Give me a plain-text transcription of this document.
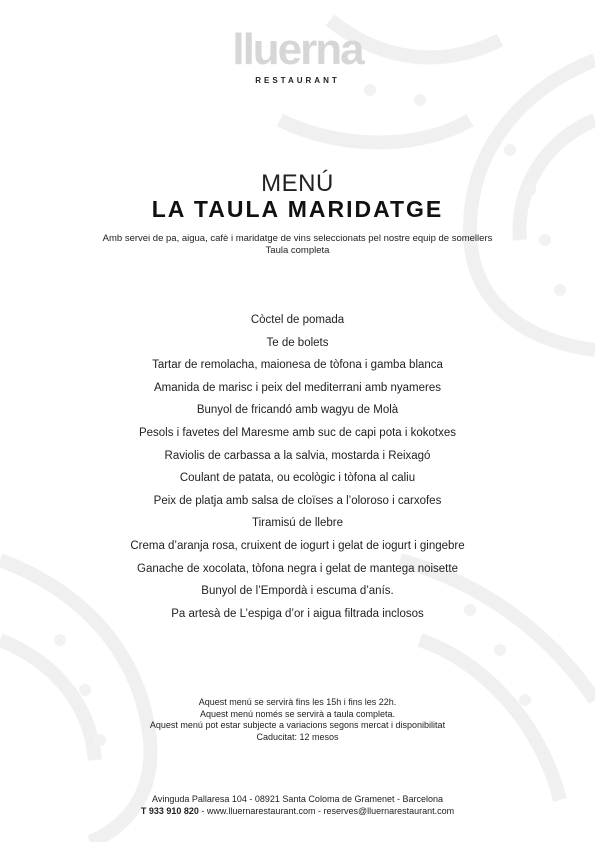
lluerna
RESTAURANT
MENÚ
LA TAULA MARIDATGE
Amb servei de pa, aigua, cafè i maridatge de vins seleccionats pel nostre equip de somellers
Taula completa
Còctel de pomada
Te de bolets
Tartar de remolacha, maionesa de tòfona i gamba blanca
Amanida de marisc i peix del mediterrani amb nyameres
Bunyol de fricandó amb wagyu de Molà
Pesols i favetes del Maresme amb suc de capi pota i kokotxes
Raviolis de carbassa a la salvia, mostarda i Reixagó
Coulant de patata, ou ecològic i tòfona al caliu
Peix de platja amb salsa de cloïses a l’oloroso i carxofes
Tiramisú de llebre
Crema d’aranja rosa, cruixent de iogurt i gelat de iogurt i gingebre
Ganache de xocolata, tòfona negra i gelat de mantega noisette
Bunyol de l’Empordà i escuma d’anís.
Pa artesà de L’espiga d’or i aigua filtrada inclosos
Aquest menú se servirà fins les 15h i fins les 22h.
Aquest menú només se servirà a taula completa.
Aquest menú pot estar subjecte a variacions segons mercat i disponibilitat
Caducitat: 12 mesos
Avinguda Pallaresa 104 - 08921 Santa Coloma de Gramenet - Barcelona
T 933 910 820 - www.lluernarestaurant.com - reserves@lluernarestaurant.com
